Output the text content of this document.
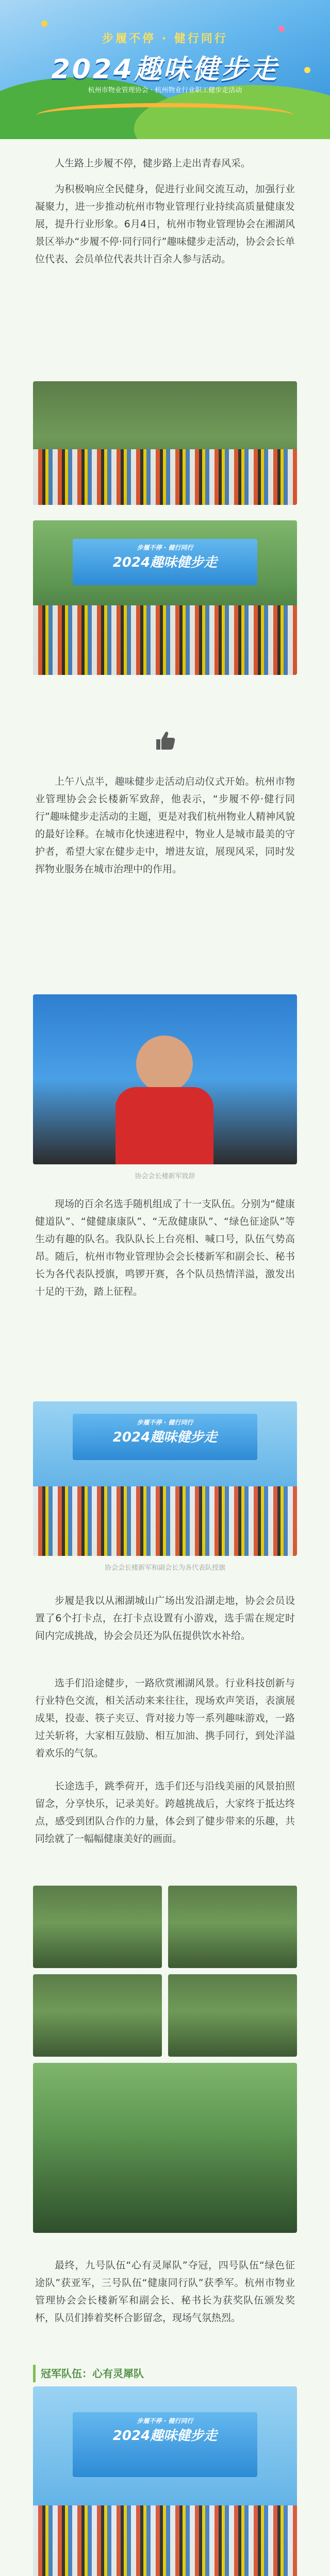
步履不停 · 健行同行
2024趣味健步走
杭州市物业管理协会 · 杭州物业行业职工健步走活动
人生路上步履不停，健步路上走出青春风采。
为积极响应全民健身，促进行业间交流互动，加强行业凝聚力，进一步推动杭州市物业管理行业持续高质量健康发展，提升行业形象。6月4日，杭州市物业管理协会在湘湖风景区举办“步履不停·同行同行”趣味健步走活动，协会会长单位代表、会员单位代表共计百余人参与活动。
步履不停 · 健行同行
2024趣味健步走
上午八点半，趣味健步走活动启动仪式开始。杭州市物业管理协会会长楼新军致辞，他表示，“步履不停·健行同行”趣味健步走活动的主题，更是对我们杭州物业人精神风貌的最好诠释。在城市化快速进程中，物业人是城市最美的守护者，希望大家在健步走中，增进友谊，展现风采，同时发挥物业服务在城市治理中的作用。
协会会长楼新军致辞
现场的百余名选手随机组成了十一支队伍。分别为“健康健道队”、“健健康康队”、“无敌健康队”、“绿色征途队”等生动有趣的队名。我队队长上台亮相、喊口号，队伍气势高昂。随后，杭州市物业管理协会会长楼新军和副会长、秘书长为各代表队授旗，鸣锣开赛，各个队员热情洋溢，激发出十足的干劲，踏上征程。
步履不停 · 健行同行
2024趣味健步走
协会会长楼新军和副会长为各代表队授旗
步履是我以从湘湖城山广场出发沿湖走地，协会会员设置了6个打卡点，在打卡点设置有小游戏，选手需在规定时间内完成挑战，协会会员还为队伍提供饮水补给。
选手们沿途健步，一路欣赏湘湖风景。行业科技创新与行业特色交流，相关活动来来往往，现场欢声笑语，表演展成果，投壶、筷子夹豆、背对接力等一系列趣味游戏，一路过关斩将，大家相互鼓励、相互加油、携手同行，到处洋溢着欢乐的气氛。
长途选手，跳季荷开，选手们还与沿线美丽的风景拍照留念，分享快乐，记录美好。跨越挑战后，大家终于抵达终点，感受到团队合作的力量，体会到了健步带来的乐趣，共同绘就了一幅幅健康美好的画面。
最终，九号队伍“心有灵犀队”夺冠，四号队伍“绿色征途队”获亚军，三号队伍“健康同行队”获季军。杭州市物业管理协会会长楼新军和副会长、秘书长为获奖队伍颁发奖杯，队员们捧着奖杯合影留念，现场气氛热烈。
冠军队伍：心有灵犀队
步履不停 · 健行同行
2024趣味健步走
